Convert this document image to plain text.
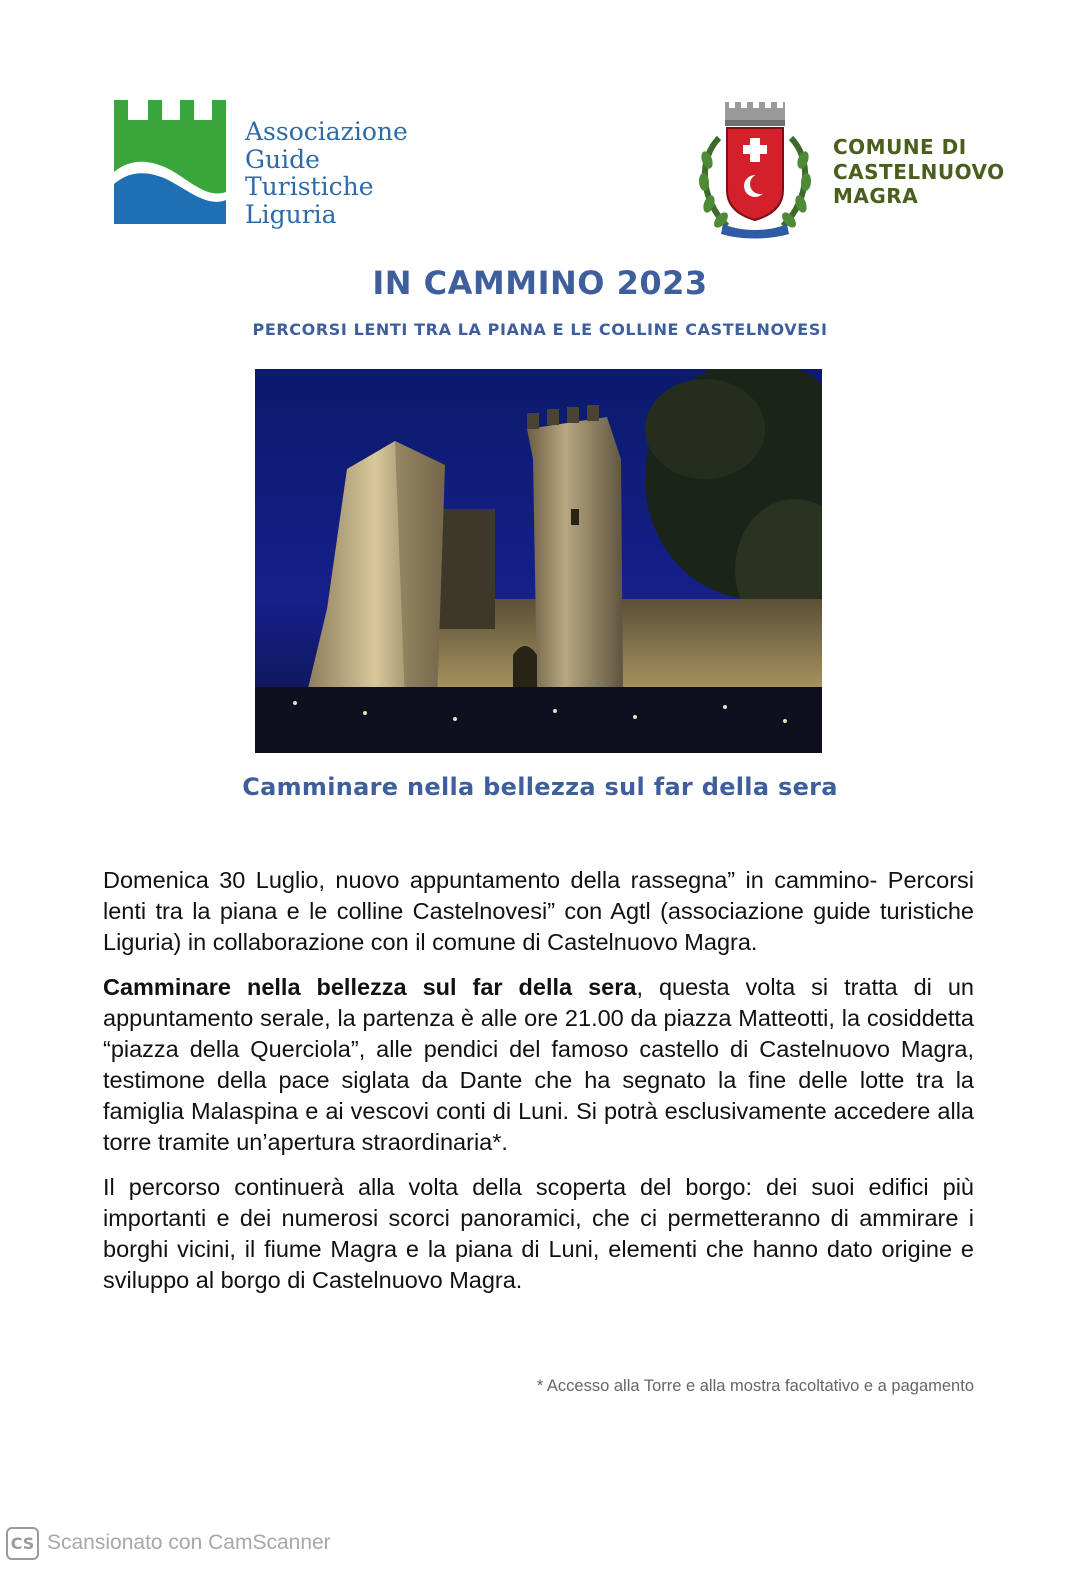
Associazione
Guide
Turistiche
Liguria
COMUNE DI
CASTELNUOVO
MAGRA
IN CAMMINO 2023
PERCORSI LENTI TRA LA PIANA E LE COLLINE CASTELNOVESI
Camminare nella bellezza sul far della sera

Domenica 30 Luglio, nuovo appuntamento della rassegna” in cammino- Percorsi lenti tra la piana e le colline Castelnovesi” con Agtl (associazione guide turistiche Liguria) in collaborazione con il comune di Castelnuovo Magra.

Camminare nella bellezza sul far della sera, questa volta si tratta di un appuntamento serale, la partenza è alle ore 21.00 da piazza Matteotti, la cosiddetta “piazza della Querciola”, alle pendici del famoso castello di Castelnuovo Magra, testimone della pace siglata da Dante che ha segnato la fine delle lotte tra la famiglia Malaspina e ai vescovi conti di Luni. Si potrà esclusivamente accedere alla torre tramite un’apertura straordinaria*.

Il percorso continuerà alla volta della scoperta del borgo: dei suoi edifici più importanti e dei numerosi scorci panoramici, che ci permetteranno di ammirare i borghi vicini, il fiume Magra e la piana di Luni, elementi che hanno dato origine e sviluppo al borgo di Castelnuovo Magra.

* Accesso alla Torre e alla mostra facoltativo e a pagamento
CS Scansionato con CamScanner
